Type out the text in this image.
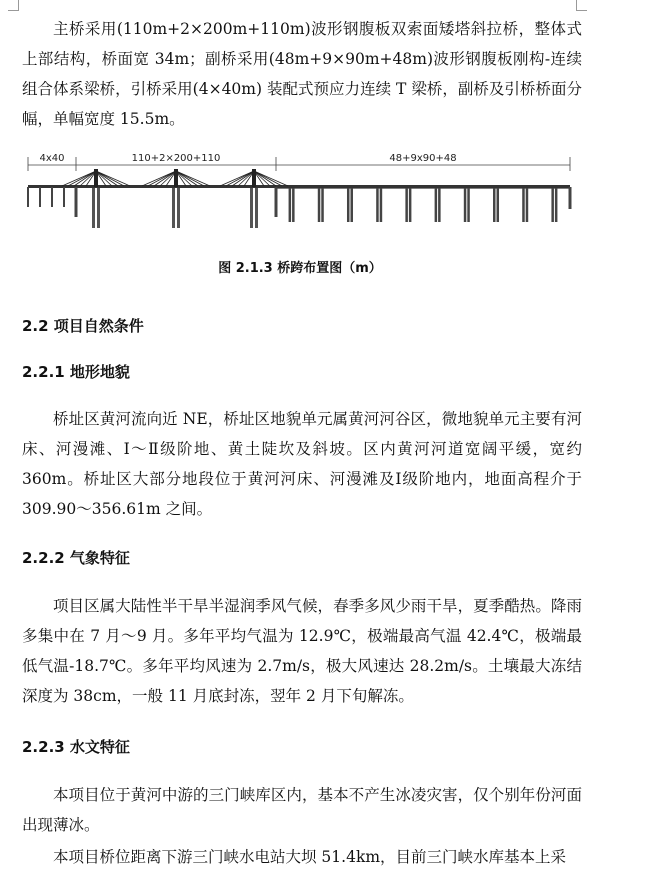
主桥采用(110m+2×200m+110m)波形钢腹板双索面矮塔斜拉桥，整体式上部结构，桥面宽 34m；副桥采用(48m+9×90m+48m)波形钢腹板刚构-连续组合体系梁桥，引桥采用(4×40m) 装配式预应力连续 T 梁桥，副桥及引桥桥面分幅，单幅宽度 15.5m。

4x40	110+2×200+110	48+9x90+48

图 2.1.3 桥跨布置图（m）

2.2 项目自然条件
2.2.1 地形地貌

桥址区黄河流向近 NE，桥址区地貌单元属黄河河谷区，微地貌单元主要有河床、河漫滩、Ⅰ～Ⅱ级阶地、黄土陡坎及斜坡。区内黄河河道宽阔平缓，宽约 360m。桥址区大部分地段位于黄河河床、河漫滩及Ⅰ级阶地内，地面高程介于 309.90～356.61m 之间。

2.2.2 气象特征

项目区属大陆性半干旱半湿润季风气候，春季多风少雨干旱，夏季酷热。降雨多集中在 7 月～9 月。多年平均气温为 12.9℃，极端最高气温 42.4℃，极端最低气温-18.7℃。多年平均风速为 2.7m/s，极大风速达 28.2m/s。土壤最大冻结深度为 38cm，一般 11 月底封冻，翌年 2 月下旬解冻。

2.2.3 水文特征

本项目位于黄河中游的三门峡库区内，基本不产生冰凌灾害，仅个别年份河面出现薄冰。

本项目桥位距离下游三门峡水电站大坝 51.4km，目前三门峡水库基本上采
